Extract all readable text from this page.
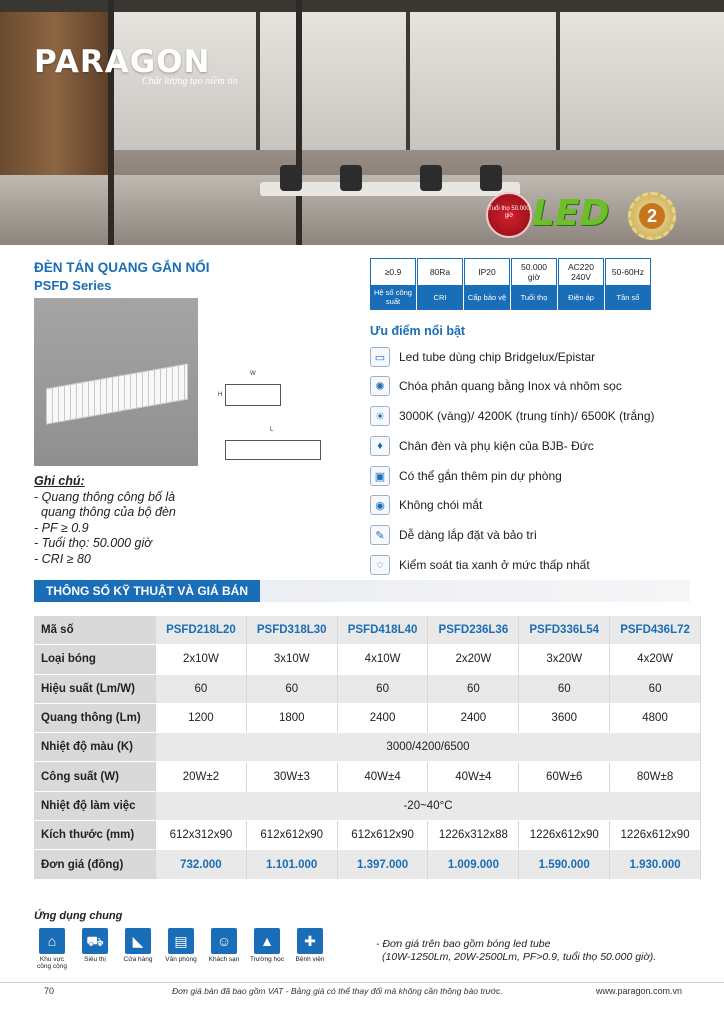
PARAGON
Chất lượng tạo niềm tin
Tuổi thọ 50.000 giờ LED	2
ĐÈN TÁN QUANG GẮN NỔI
PSFD Series
W
H
L
≥0.9
Hệ số công suất
80Ra
CRI
IP20
Cấp bảo vệ
50.000 giờ
Tuổi thọ
AC220 240V
Điện áp
50-60Hz
Tần số
Ưu điểm nổi bật
▭	Led tube dùng chip Bridgelux/Epistar
✺	Chóa phản quang bằng Inox và nhôm sọc
☀	3000K (vàng)/ 4200K (trung tính)/ 6500K (trắng)
♦	Chân đèn và phụ kiện của BJB- Đức
▣	Có thể gắn thêm pin dự phòng
◉	Không chói mắt
✎	Dễ dàng lắp đặt và bảo trì
◌	Kiểm soát tia xanh ở mức thấp nhất
Ghi chú:
- Quang thông công bố là
quang thông của bộ đèn
- PF ≥ 0.9
- Tuổi thọ: 50.000 giờ
- CRI ≥ 80
THÔNG SỐ KỸ THUẬT VÀ GIÁ BÁN
Mã số	PSFD218L20	PSFD318L30	PSFD418L40	PSFD236L36	PSFD336L54	PSFD436L72
Loại bóng	2x10W	3x10W	4x10W	2x20W	3x20W	4x20W
Hiệu suất (Lm/W)	60	60	60	60	60	60
Quang thông (Lm)	1200	1800	2400	2400	3600	4800
Nhiệt độ màu (K)	3000/4200/6500					
Công suất (W)	20W±2	30W±3	40W±4	40W±4	60W±6	80W±8
Nhiệt độ làm việc	-20~40°C					
Kích thước (mm)	612x312x90	612x612x90	612x612x90	1226x312x88	1226x612x90	1226x612x90
Đơn giá (đồng)	732.000	1.101.000	1.397.000	1.009.000	1.590.000	1.930.000
Ứng dụng chung
⌂
Khu vực công cộng
⛟
Siêu thị
◣
Cửa hàng
▤
Văn phòng
☺
Khách sạn
▲
Trường học
✚
Bệnh viện
- Đơn giá trên bao gồm bóng led tube
(10W-1250Lm, 20W-2500Lm, PF>0.9, tuổi thọ 50.000 giờ).
70	Đơn giá bán đã bao gồm VAT - Bảng giá có thể thay đổi mà không cần thông báo trước.	www.paragon.com.vn
